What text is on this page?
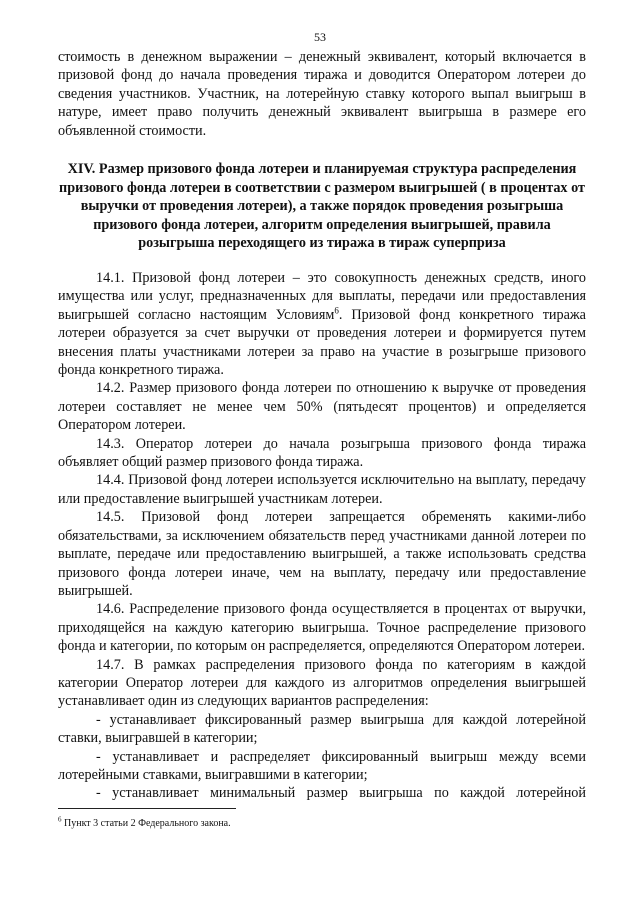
53

стоимость в денежном выражении – денежный эквивалент, который включается в призовой фонд до начала проведения тиража и доводится Оператором лотереи до сведения участников. Участник, на лотерейную ставку которого выпал выигрыш в натуре, имеет право получить денежный эквивалент выигрыша в размере его объявленной стоимости.

XIV. Размер призового фонда лотереи и планируемая структура распределения призового фонда лотереи в соответствии с размером выигрышей ( в процентах от выручки от проведения лотереи), а также порядок проведения розыгрыша призового фонда лотереи, алгоритм определения выигрышей, правила розыгрыша переходящего из тиража в тираж суперприза

14.1. Призовой фонд лотереи – это совокупность денежных средств, иного имущества или услуг, предназначенных для выплаты, передачи или предоставления выигрышей согласно настоящим Условиям$^6$. Призовой фонд конкретного тиража лотереи образуется за счет выручки от проведения лотереи и формируется путем внесения платы участниками лотереи за право на участие в розыгрыше призового фонда конкретного тиража.

14.2. Размер призового фонда лотереи по отношению к выручке от проведения лотереи составляет не менее чем 50% (пятьдесят процентов) и определяется Оператором лотереи.

14.3. Оператор лотереи до начала розыгрыша призового фонда тиража объявляет общий размер призового фонда тиража.

14.4. Призовой фонд лотереи используется исключительно на выплату, передачу или предоставление выигрышей участникам лотереи.

14.5. Призовой фонд лотереи запрещается обременять какими-либо обязательствами, за исключением обязательств перед участниками данной лотереи по выплате, передаче или предоставлению выигрышей, а также использовать средства призового фонда лотереи иначе, чем на выплату, передачу или предоставление выигрышей.

14.6. Распределение призового фонда осуществляется в процентах от выручки, приходящейся на каждую категорию выигрыша. Точное распределение призового фонда и категории, по которым он распределяется, определяются Оператором лотереи.

14.7. В рамках распределения призового фонда по категориям в каждой категории Оператор лотереи для каждого из алгоритмов определения выигрышей устанавливает один из следующих вариантов распределения:

- устанавливает фиксированный размер выигрыша для каждой лотерейной ставки, выигравшей в категории;

- устанавливает и распределяет фиксированный выигрыш между всеми лотерейными ставками, выигравшими в категории;

- устанавливает минимальный размер выигрыша по каждой лотерейной

$^6$ Пункт 3 статьи 2 Федерального закона.
